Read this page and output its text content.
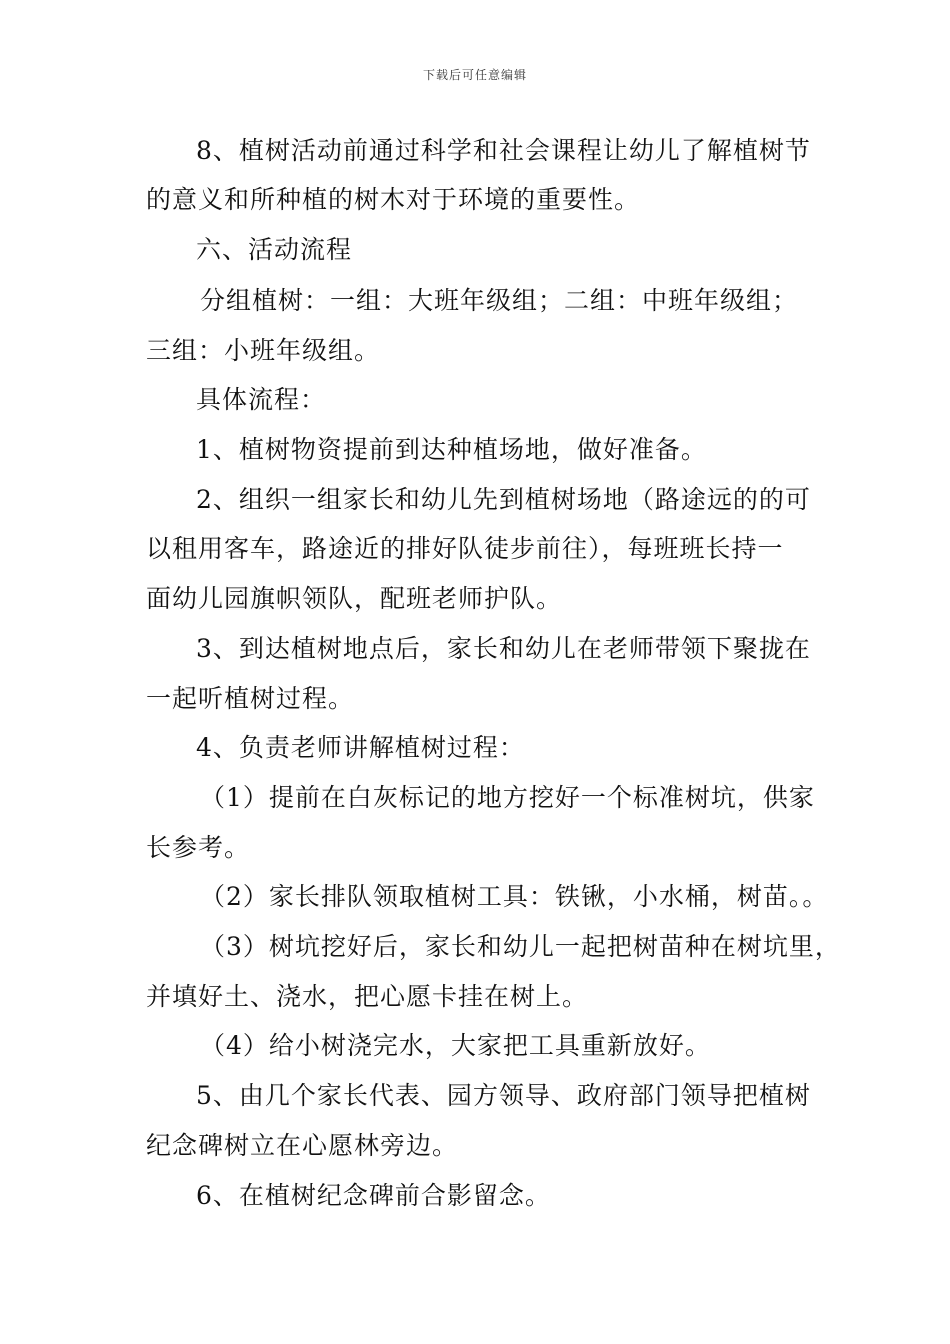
下载后可任意编辑
8、植树活动前通过科学和社会课程让幼儿了解植树节
的意义和所种植的树木对于环境的重要性。
六、活动流程
分组植树：一组：大班年级组；二组：中班年级组；
三组：小班年级组。
具体流程：
1、植树物资提前到达种植场地，做好准备。
2、组织一组家长和幼儿先到植树场地（路途远的的可
以租用客车，路途近的排好队徒步前往），每班班长持一
面幼儿园旗帜领队，配班老师护队。
3、到达植树地点后，家长和幼儿在老师带领下聚拢在
一起听植树过程。
4、负责老师讲解植树过程：
（1）提前在白灰标记的地方挖好一个标准树坑，供家
长参考。
（2）家长排队领取植树工具：铁锹，小水桶，树苗。。
（3）树坑挖好后，家长和幼儿一起把树苗种在树坑里，
并填好土、浇水，把心愿卡挂在树上。
（4）给小树浇完水，大家把工具重新放好。
5、由几个家长代表、园方领导、政府部门领导把植树
纪念碑树立在心愿林旁边。
6、在植树纪念碑前合影留念。
